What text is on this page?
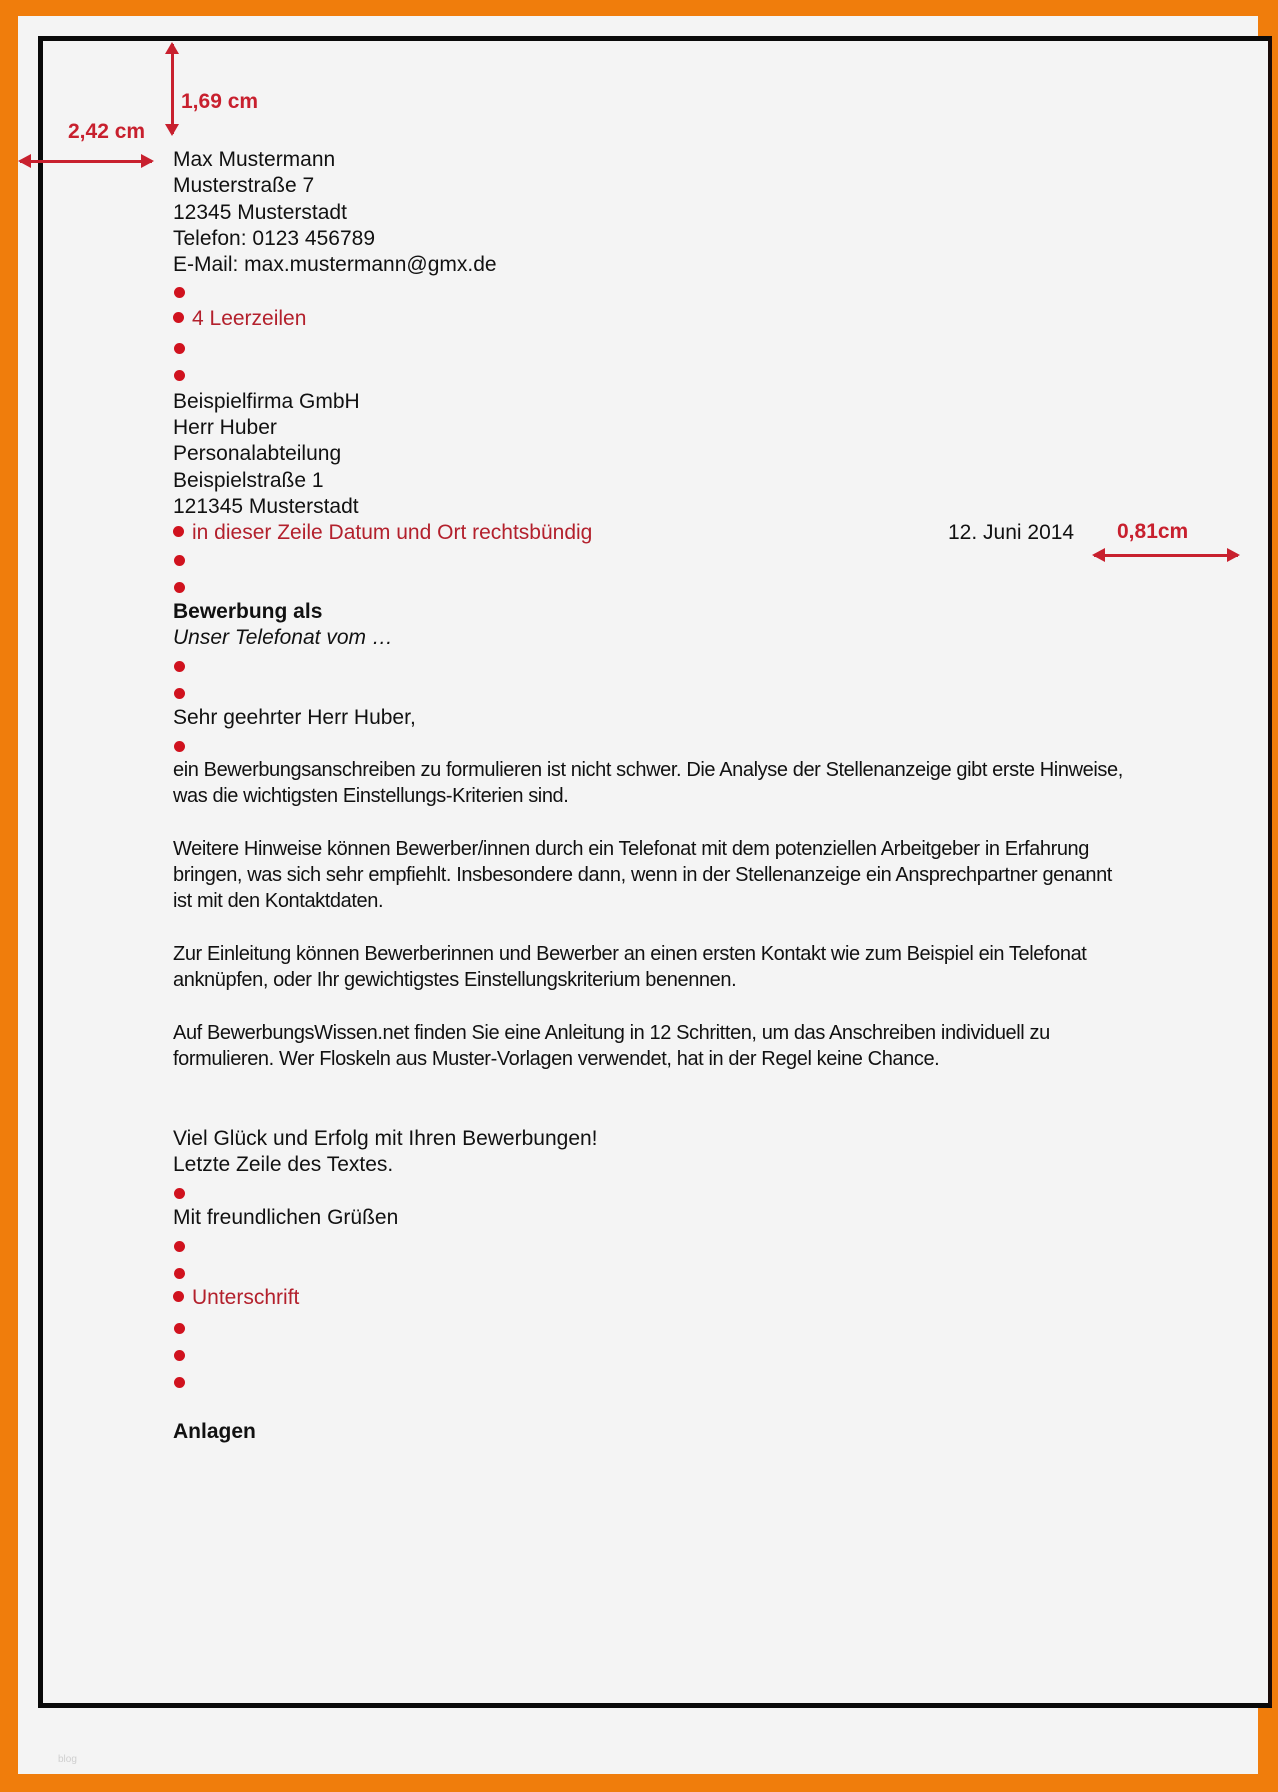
blog
1,69 cm
2,42 cm
0,81cm
Max Mustermann
Musterstraße 7
12345 Musterstadt
Telefon: 0123 456789
E-Mail: max.mustermann@gmx.de
4 Leerzeilen
Beispielfirma GmbH
Herr Huber
Personalabteilung
Beispielstraße 1
121345 Musterstadt
in dieser Zeile Datum und Ort rechtsbündig	12. Juni 2014
Bewerbung als
Unser Telefonat vom …
Sehr geehrter Herr Huber,
ein Bewerbungsanschreiben zu formulieren ist nicht schwer. Die Analyse der Stellenanzeige gibt erste Hinweise, was die wichtigsten Einstellungs-Kriterien sind.
Weitere Hinweise können Bewerber/innen durch ein Telefonat mit dem potenziellen Arbeitgeber in Erfahrung bringen, was sich sehr empfiehlt. Insbesondere dann, wenn in der Stellenanzeige ein Ansprechpartner genannt ist mit den Kontaktdaten.
Zur Einleitung können Bewerberinnen und Bewerber an einen ersten Kontakt wie zum Beispiel ein Telefonat anknüpfen, oder Ihr gewichtigstes Einstellungskriterium benennen.
Auf BewerbungsWissen.net finden Sie eine Anleitung in 12 Schritten, um das Anschreiben individuell zu formulieren. Wer Floskeln aus Muster-Vorlagen verwendet, hat in der Regel keine Chance.
Viel Glück und Erfolg mit Ihren Bewerbungen!
Letzte Zeile des Textes.
Mit freundlichen Grüßen
Unterschrift
Anlagen
